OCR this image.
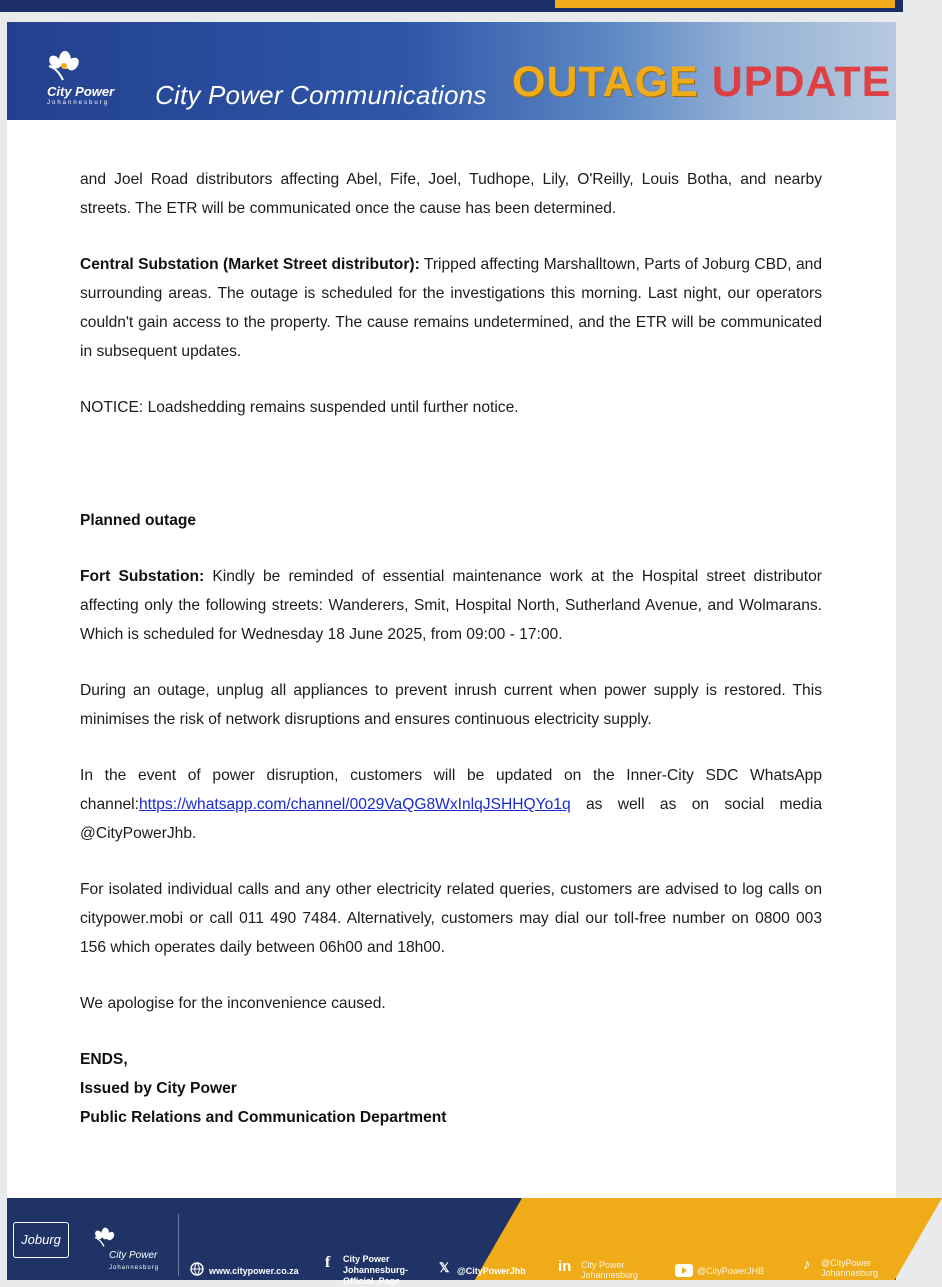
City Power
Johannesburg City Power Communications OUTAGE UPDATE

and Joel Road distributors affecting Abel, Fife, Joel, Tudhope, Lily, O'Reilly, Louis Botha, and nearby streets. The ETR will be communicated once the cause has been determined.

Central Substation (Market Street distributor): Tripped affecting Marshalltown, Parts of Joburg CBD, and surrounding areas. The outage is scheduled for the investigations this morning. Last night, our operators couldn't gain access to the property. The cause remains undetermined, and the ETR will be communicated in subsequent updates.

NOTICE: Loadshedding remains suspended until further notice.

Planned outage

Fort Substation: Kindly be reminded of essential maintenance work at the Hospital street distributor affecting only the following streets: Wanderers, Smit, Hospital North, Sutherland Avenue, and Wolmarans. Which is scheduled for Wednesday 18 June 2025, from 09:00 - 17:00.

During an outage, unplug all appliances to prevent inrush current when power supply is restored. This minimises the risk of network disruptions and ensures continuous electricity supply.

In the event of power disruption, customers will be updated on the Inner-City SDC WhatsApp channel:https://whatsapp.com/channel/0029VaQG8WxInlqJSHHQYo1q as well as on social media @CityPowerJhb.

For isolated individual calls and any other electricity related queries, customers are advised to log calls on citypower.mobi or call 011 490 7484. Alternatively, customers may dial our toll-free number on 0800 003 156 which operates daily between 06h00 and 18h00.

We apologise for the inconvenience caused.

ENDS,

Issued by City Power

Public Relations and Communication Department

Joburg
City Power
Johannesburg	www.citypower.co.za f City Power Johannesburg-Official_Page
𝕏 @CityPowerJhb in City Power Johannesburg	@CityPowerJHB	♪ @CityPower Johannesburg
